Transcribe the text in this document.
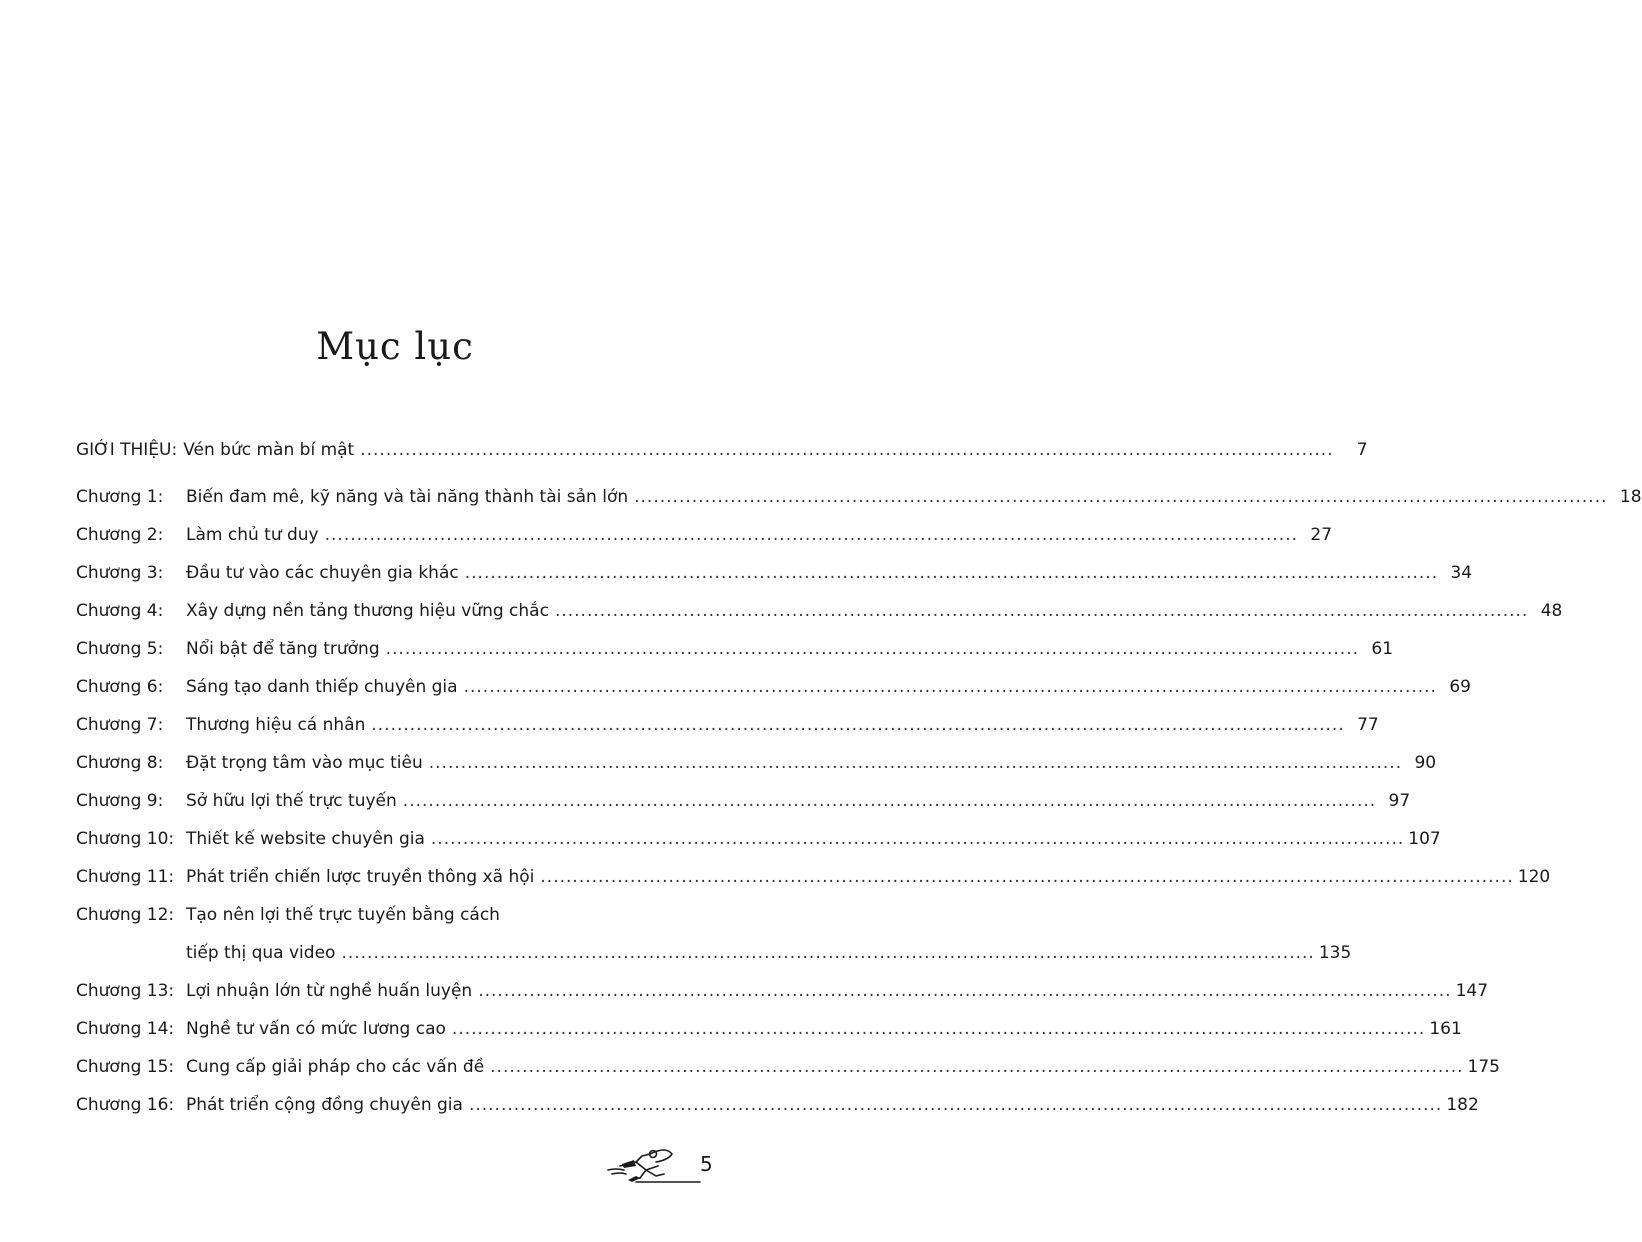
Mục lục
GIỚI THIỆU: Vén bức màn bí mật .....	7
Chương 1:	Biến đam mê, kỹ năng và tài năng thành tài sản lớn .....	18
Chương 2:	Làm chủ tư duy .....	27
Chương 3:	Đầu tư vào các chuyên gia khác .....	34
Chương 4:	Xây dựng nền tảng thương hiệu vững chắc .....	48
Chương 5:	Nổi bật để tăng trưởng .....	61
Chương 6:	Sáng tạo danh thiếp chuyên gia .....	69
Chương 7:	Thương hiệu cá nhân .....	77
Chương 8:	Đặt trọng tâm vào mục tiêu .....	90
Chương 9:	Sở hữu lợi thế trực tuyến .....	97
Chương 10: Thiết kế website chuyên gia .....	107
Chương 11: Phát triển chiến lược truyền thông xã hội .....	120
Chương 12: Tạo nên lợi thế trực tuyến bằng cách
tiếp thị qua video .....	135
Chương 13: Lợi nhuận lớn từ nghề huấn luyện .....	147
Chương 14: Nghề tư vấn có mức lương cao .....	161
Chương 15: Cung cấp giải pháp cho các vấn đề .....	175
Chương 16: Phát triển cộng đồng chuyên gia .....	182
5
